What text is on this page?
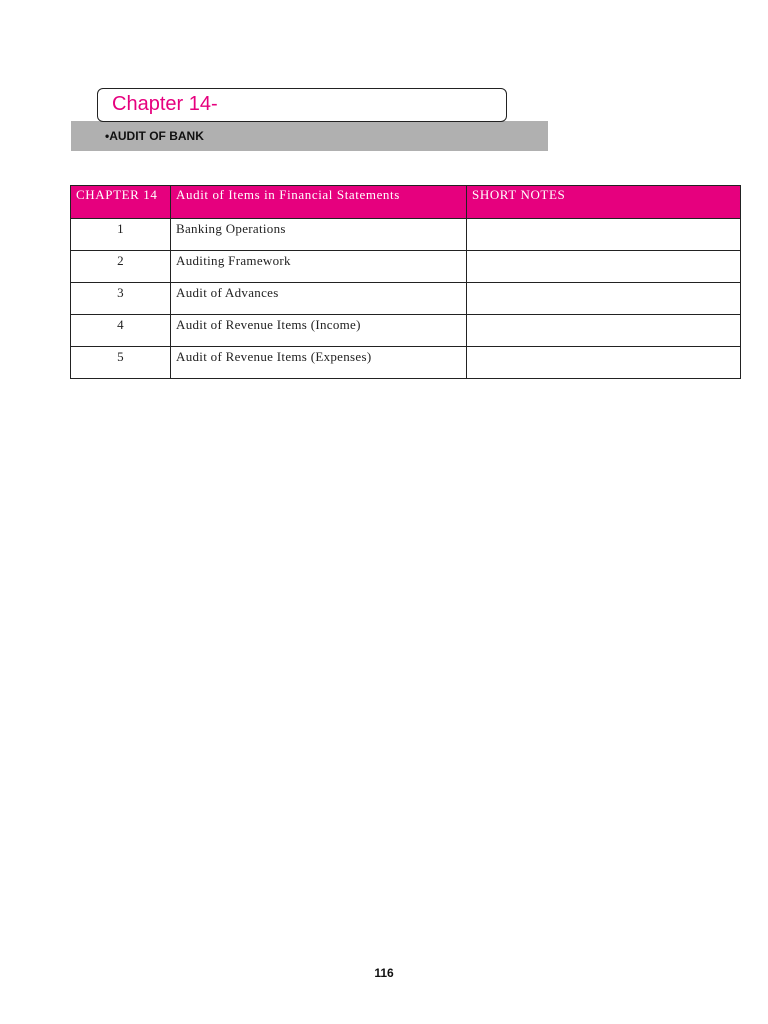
Chapter 14-
•AUDIT OF BANK
CHAPTER 14	Audit of Items in Financial Statements	SHORT NOTES
1	Banking Operations	
2	Auditing Framework	
3	Audit of Advances	
4	Audit of Revenue Items (Income)	
5	Audit of Revenue Items (Expenses)	
116
